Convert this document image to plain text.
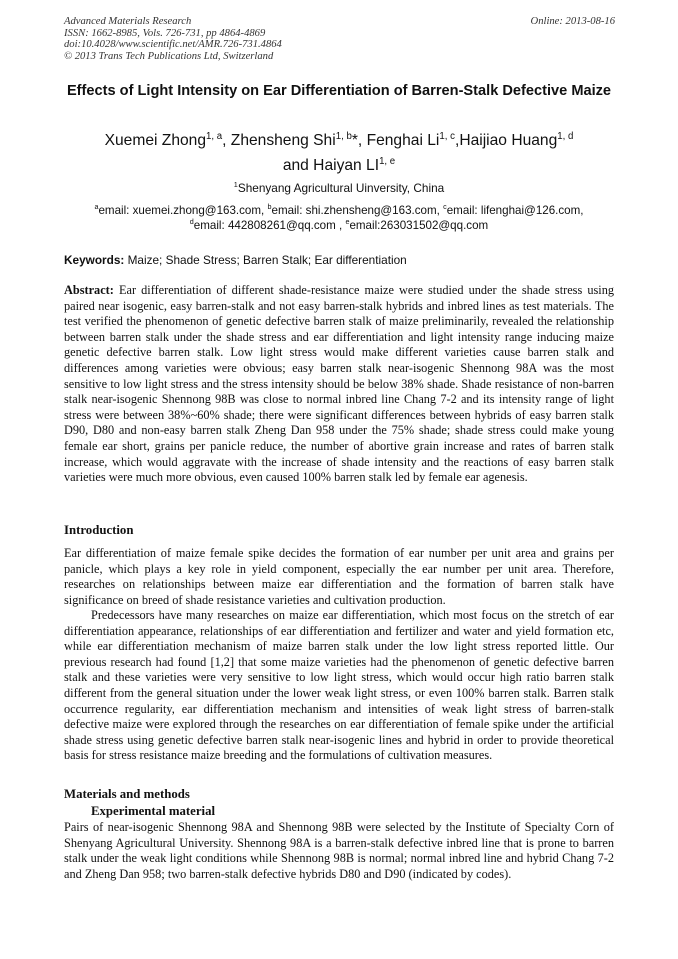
Advanced Materials Research
ISSN: 1662-8985, Vols. 726-731, pp 4864-4869
doi:10.4028/www.scientific.net/AMR.726-731.4864
© 2013 Trans Tech Publications Ltd, Switzerland
Online: 2013-08-16
Effects of Light Intensity on Ear Differentiation of Barren-Stalk Defective Maize
Xuemei Zhong$^{1, a}$, Zhensheng Shi$^{1, b}$*, Fenghai Li$^{1, c}$,Haijiao Huang$^{1, d}$
and Haiyan LI$^{1, e}$
$^1$Shenyang Agricultural Uinversity, China
$^a$email: xuemei.zhong@163.com, $^b$email: shi.zhensheng@163.com, $^c$email: lifenghai@126.com,
$^d$email: 442808261@qq.com , $^e$email:263031502@qq.com
Keywords: Maize; Shade Stress; Barren Stalk; Ear differentiation
Abstract: Ear differentiation of different shade-resistance maize were studied under the shade stress using paired near isogenic, easy barren-stalk and not easy barren-stalk hybrids and inbred lines as test materials. The test verified the phenomenon of genetic defective barren stalk of maize preliminarily, revealed the relationship between barren stalk under the shade stress and ear differentiation and light intensity range inducing maize genetic defective barren stalk. Low light stress would make different varieties cause barren stalk and differences among varieties were obvious; easy barren stalk near-isogenic Shennong 98A was the most sensitive to low light stress and the stress intensity should be below 38% shade. Shade resistance of non-barren stalk near-isogenic Shennong 98B was close to normal inbred line Chang 7-2 and its intensity range of light stress were between 38%~60% shade; there were significant differences between hybrids of easy barren stalk D90, D80 and non-easy barren stalk Zheng Dan 958 under the 75% shade; shade stress could make young female ear short, grains per panicle reduce, the number of abortive grain increase and rates of barren stalk increase, which would aggravate with the increase of shade intensity and the reactions of easy barren stalk varieties were much more obvious, even caused 100% barren stalk led by female ear agenesis.
Introduction
Ear differentiation of maize female spike decides the formation of ear number per unit area and grains per panicle, which plays a key role in yield component, especially the ear number per unit area. Therefore, researches on relationships between maize ear differentiation and the formation of barren stalk have significance on breed of shade resistance varieties and cultivation production.
Predecessors have many researches on maize ear differentiation, which most focus on the stretch of ear differentiation appearance, relationships of ear differentiation and fertilizer and water and yield formation etc, while ear differentiation mechanism of maize barren stalk under the low light stress reported little. Our previous research had found [1,2] that some maize varieties had the phenomenon of genetic defective barren stalk and these varieties were very sensitive to low light stress, which would occur high ratio barren stalk different from the general situation under the lower weak light stress, or even 100% barren stalk. Barren stalk occurrence regularity, ear differentiation mechanism and intensities of weak light stress of barren-stalk defective maize were explored through the researches on ear differentiation of female spike under the artificial shade stress using genetic defective barren stalk near-isogenic lines and hybrid in order to provide theoretical basis for stress resistance maize breeding and the formulations of cultivation measures.
Materials and methods
Experimental material
Pairs of near-isogenic Shennong 98A and Shennong 98B were selected by the Institute of Specialty Corn of Shenyang Agricultural University. Shennong 98A is a barren-stalk defective inbred line that is prone to barren stalk under the weak light conditions while Shennong 98B is normal; normal inbred line and hybrid Chang 7-2 and Zheng Dan 958; two barren-stalk defective hybrids D80 and D90 (indicated by codes).
